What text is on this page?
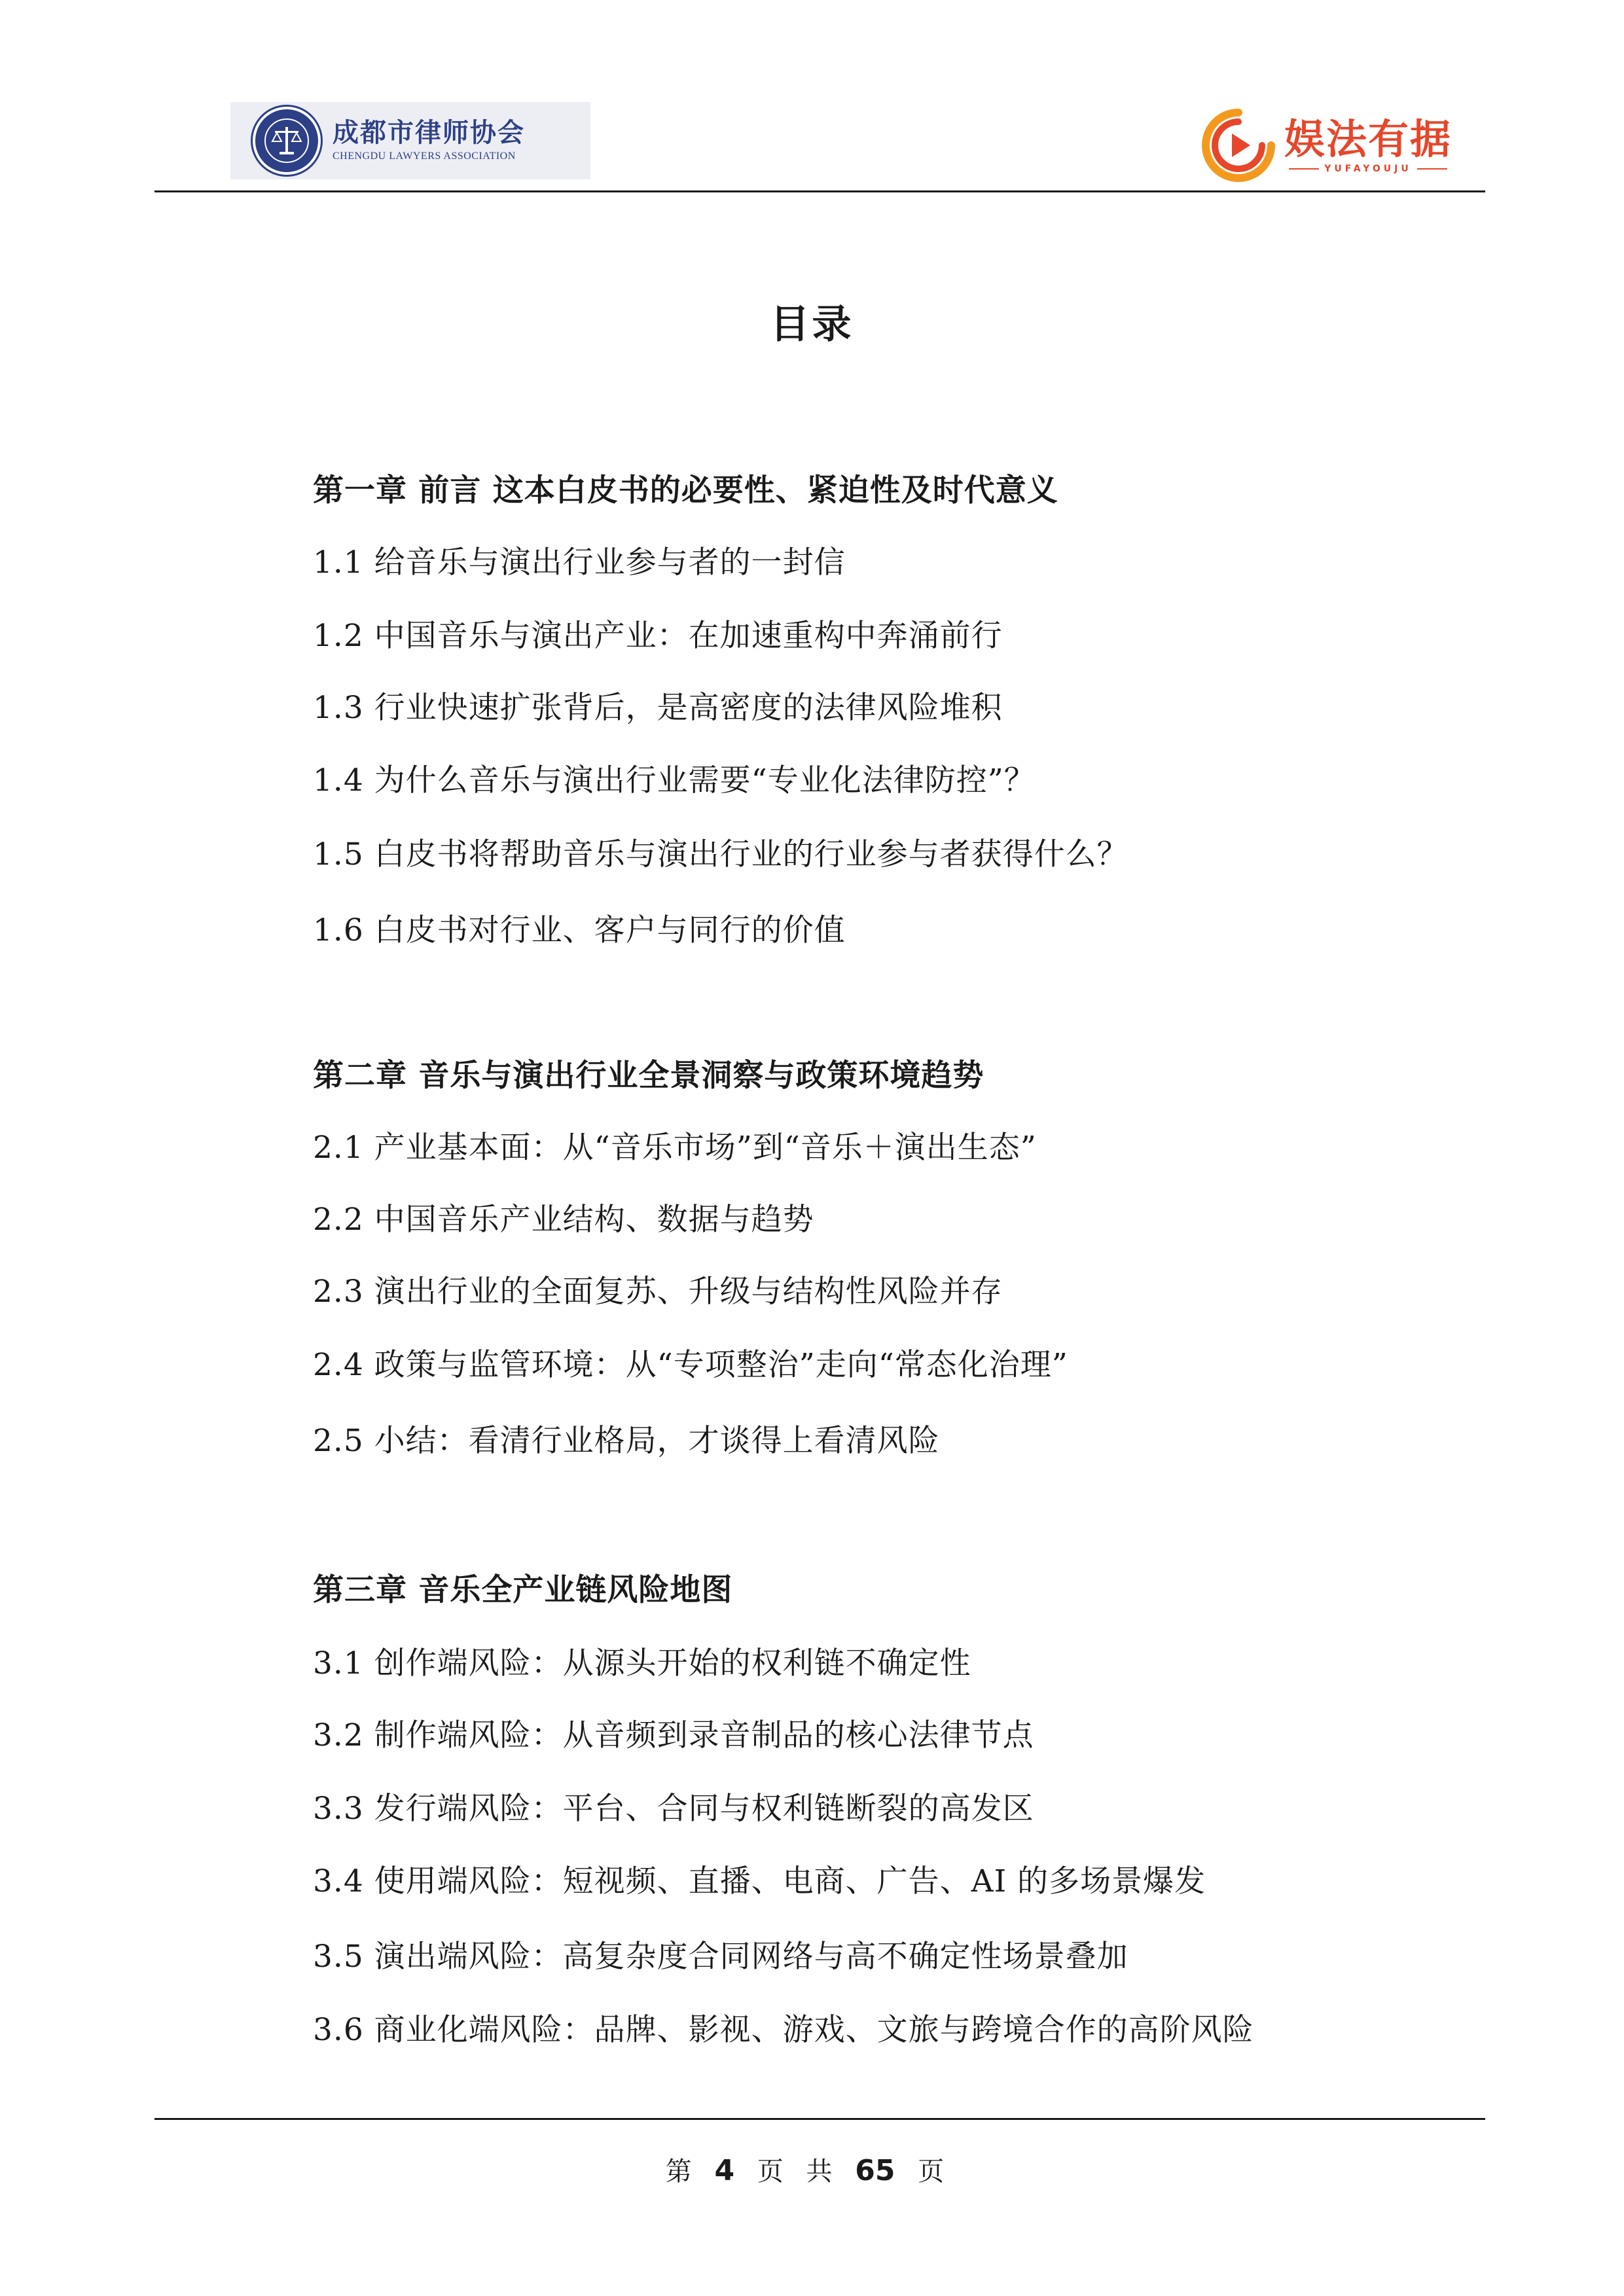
成都市律师协会
CHENGDU LAWYERS ASSOCIATION	娱法有据
YUFAYOUJU
目录
第一章 前言 这本白皮书的必要性、紧迫性及时代意义
1.1 给音乐与演出行业参与者的一封信
1.2 中国音乐与演出产业：在加速重构中奔涌前行
1.3 行业快速扩张背后，是高密度的法律风险堆积
1.4 为什么音乐与演出行业需要“专业化法律防控”？
1.5 白皮书将帮助音乐与演出行业的行业参与者获得什么？
1.6 白皮书对行业、客户与同行的价值
第二章 音乐与演出行业全景洞察与政策环境趋势
2.1 产业基本面：从“音乐市场”到“音乐＋演出生态”
2.2 中国音乐产业结构、数据与趋势
2.3 演出行业的全面复苏、升级与结构性风险并存
2.4 政策与监管环境：从“专项整治”走向“常态化治理”
2.5 小结：看清行业格局，才谈得上看清风险
第三章 音乐全产业链风险地图
3.1 创作端风险：从源头开始的权利链不确定性
3.2 制作端风险：从音频到录音制品的核心法律节点
3.3 发行端风险：平台、合同与权利链断裂的高发区
3.4 使用端风险：短视频、直播、电商、广告、AI 的多场景爆发
3.5 演出端风险：高复杂度合同网络与高不确定性场景叠加
3.6 商业化端风险：品牌、影视、游戏、文旅与跨境合作的高阶风险
第 4 页 共 65 页
